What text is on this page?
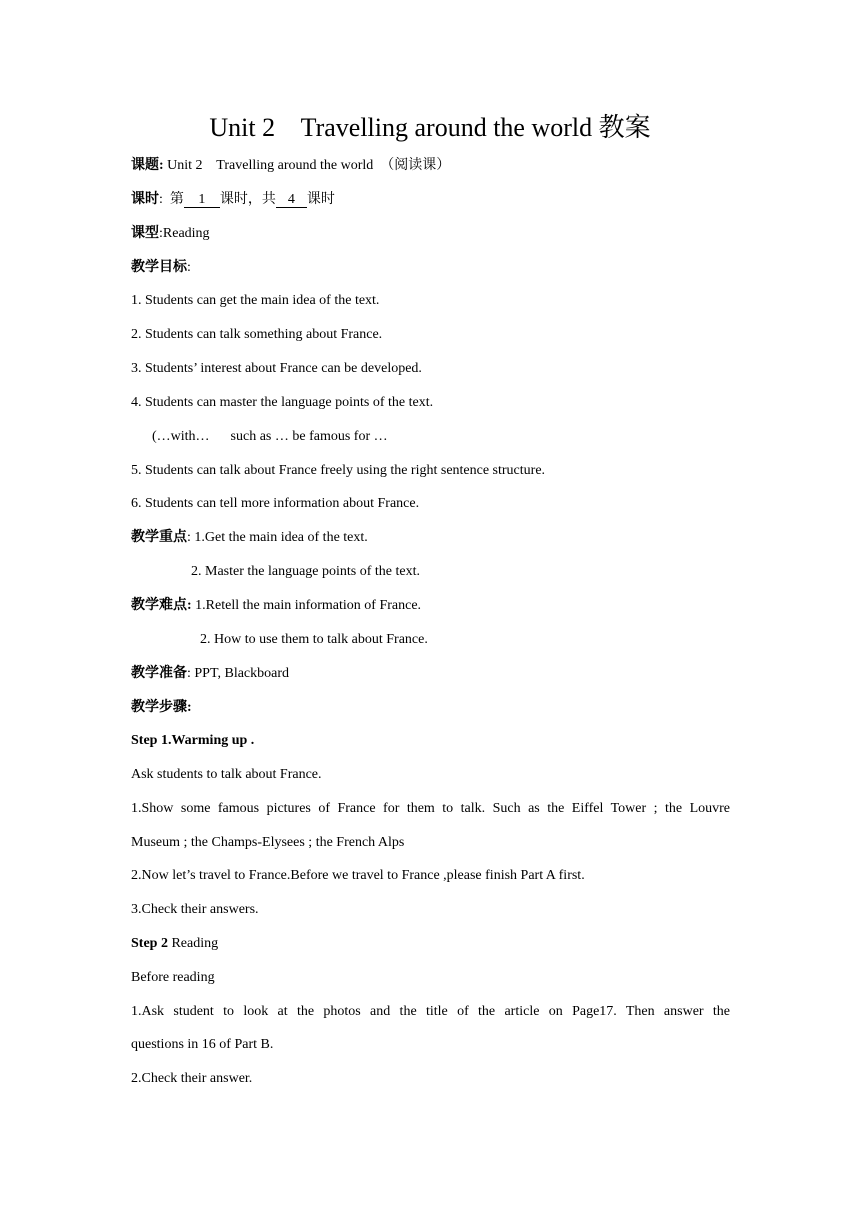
Unit 2    Travelling around the world 教案
课题: Unit 2    Travelling around the world  （阅读课）
课时:  第 1 课时，共 4 课时
课型:Reading
教学目标:
1. Students can get the main idea of the text.
2. Students can talk something about France.
3. Students’ interest about France can be developed.
4. Students can master the language points of the text.
(…with…      such as … be famous for …
5. Students can talk about France freely using the right sentence structure.
6. Students can tell more information about France.
教学重点: 1.Get the main idea of the text.
2. Master the language points of the text.
教学难点: 1.Retell the main information of France.
2. How to use them to talk about France.
教学准备: PPT, Blackboard
教学步骤:
Step 1.Warming up .
Ask students to talk about France.
1.Show some famous pictures of France for them to talk. Such as the Eiffel Tower ; the Louvre
Museum ; the Champs-Elysees ; the French Alps
2.Now let’s travel to France.Before we travel to France ,please finish Part A first.
3.Check their answers.
Step 2 Reading
Before reading
1.Ask student to look at the photos and the title of the article on Page17. Then answer the
questions in 16 of Part B.
2.Check their answer.
